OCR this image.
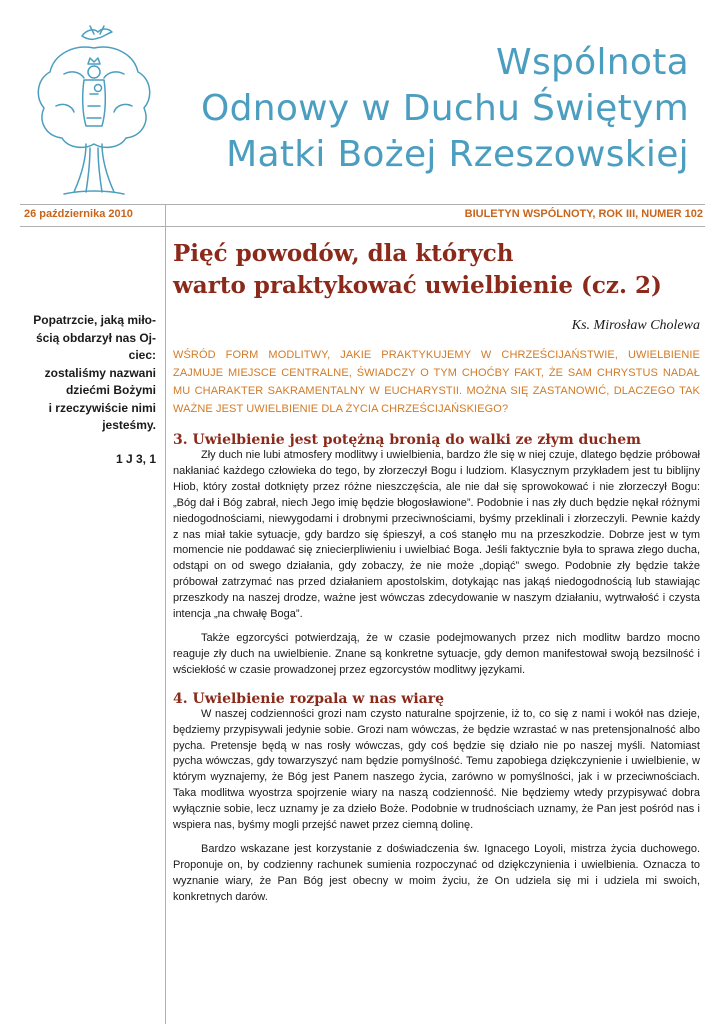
Wspólnota
Odnowy w Duchu Świętym
Matki Bożej Rzeszowskiej
26 października 2010	BIULETYN WSPÓLNOTY, ROK III, NUMER 102
Popatrzcie, jaką miło-
ścią obdarzył nas Oj-
ciec:
zostaliśmy nazwani
dziećmi Bożymi
i rzeczywiście nimi
jesteśmy.
1 J 3, 1
Pięć powodów, dla których
warto praktykować uwielbienie (cz. 2)
Ks. Mirosław Cholewa
WŚRÓD FORM MODLITWY, JAKIE PRAKTYKUJEMY W CHRZEŚCIJAŃSTWIE, UWIELBIENIE ZAJMUJE MIEJSCE CENTRALNE, ŚWIADCZY O TYM CHOĆBY FAKT, ŻE SAM CHRYSTUS NADAŁ MU CHARAKTER SAKRAMENTALNY W EUCHARYSTII. MOŻNA SIĘ ZASTANOWIĆ, DLACZEGO TAK WAŻNE JEST UWIELBIENIE DLA ŻYCIA CHRZEŚCIJAŃSKIEGO?
3. Uwielbienie jest potężną bronią do walki ze złym duchem

Zły duch nie lubi atmosfery modlitwy i uwielbienia, bardzo źle się w niej czuje, dlatego będzie próbował nakłaniać każdego człowieka do tego, by złorzeczył Bogu i ludziom. Klasycznym przykładem jest tu biblijny Hiob, który został dotknięty przez różne nieszczęścia, ale nie dał się sprowokować i nie złorzeczył Bogu: „Bóg dał i Bóg zabrał, niech Jego imię będzie błogosławione”. Podobnie i nas zły duch będzie nękał różnymi niedogodnościami, niewygodami i drobnymi przeciwnościami, byśmy przeklinali i złorzeczyli. Pewnie każdy z nas miał takie sytuacje, gdy bardzo się śpieszył, a coś stanęło mu na przeszkodzie. Dobrze jest w tym momencie nie poddawać się zniecierpliwieniu i uwielbiać Boga. Jeśli faktycznie była to sprawa złego ducha, odstąpi on od swego działania, gdy zobaczy, że nie może „dopiąć” swego. Podobnie zły będzie także próbował zatrzymać nas przed działaniem apostolskim, dotykając nas jakąś niedogodnością lub stawiając przeszkody na naszej drodze, ważne jest wówczas zdecydowanie w naszym działaniu, wytrwałość i czysta intencja „na chwałę Boga”.

Także egzorcyści potwierdzają, że w czasie podejmowanych przez nich modlitw bardzo mocno reaguje zły duch na uwielbienie. Znane są konkretne sytuacje, gdy demon manifestował swoją bezsilność i wściekłość w czasie prowadzonej przez egzorcystów modlitwy językami.

4. Uwielbienie rozpala w nas wiarę

W naszej codzienności grozi nam czysto naturalne spojrzenie, iż to, co się z nami i wokół nas dzieje, będziemy przypisywali jedynie sobie. Grozi nam wówczas, że będzie wzrastać w nas pretensjonalność albo pycha. Pretensje będą w nas rosły wówczas, gdy coś będzie się działo nie po naszej myśli. Natomiast pycha wówczas, gdy towarzyszyć nam będzie pomyślność. Temu zapobiega dziękczynienie i uwielbienie, w którym wyznajemy, że Bóg jest Panem naszego życia, zarówno w pomyślności, jak i w przeciwnościach. Taka modlitwa wyostrza spojrzenie wiary na naszą codzienność. Nie będziemy wtedy przypisywać dobra wyłącznie sobie, lecz uznamy je za dzieło Boże. Podobnie w trudnościach uznamy, że Pan jest pośród nas i wspiera nas, byśmy mogli przejść nawet przez ciemną dolinę.

Bardzo wskazane jest korzystanie z doświadczenia św. Ignacego Loyoli, mistrza życia duchowego. Proponuje on, by codzienny rachunek sumienia rozpoczynać od dziękczynienia i uwielbienia. Oznacza to wyznanie wiary, że Pan Bóg jest obecny w moim życiu, że On udziela się mi i udziela mi swoich, konkretnych darów.
